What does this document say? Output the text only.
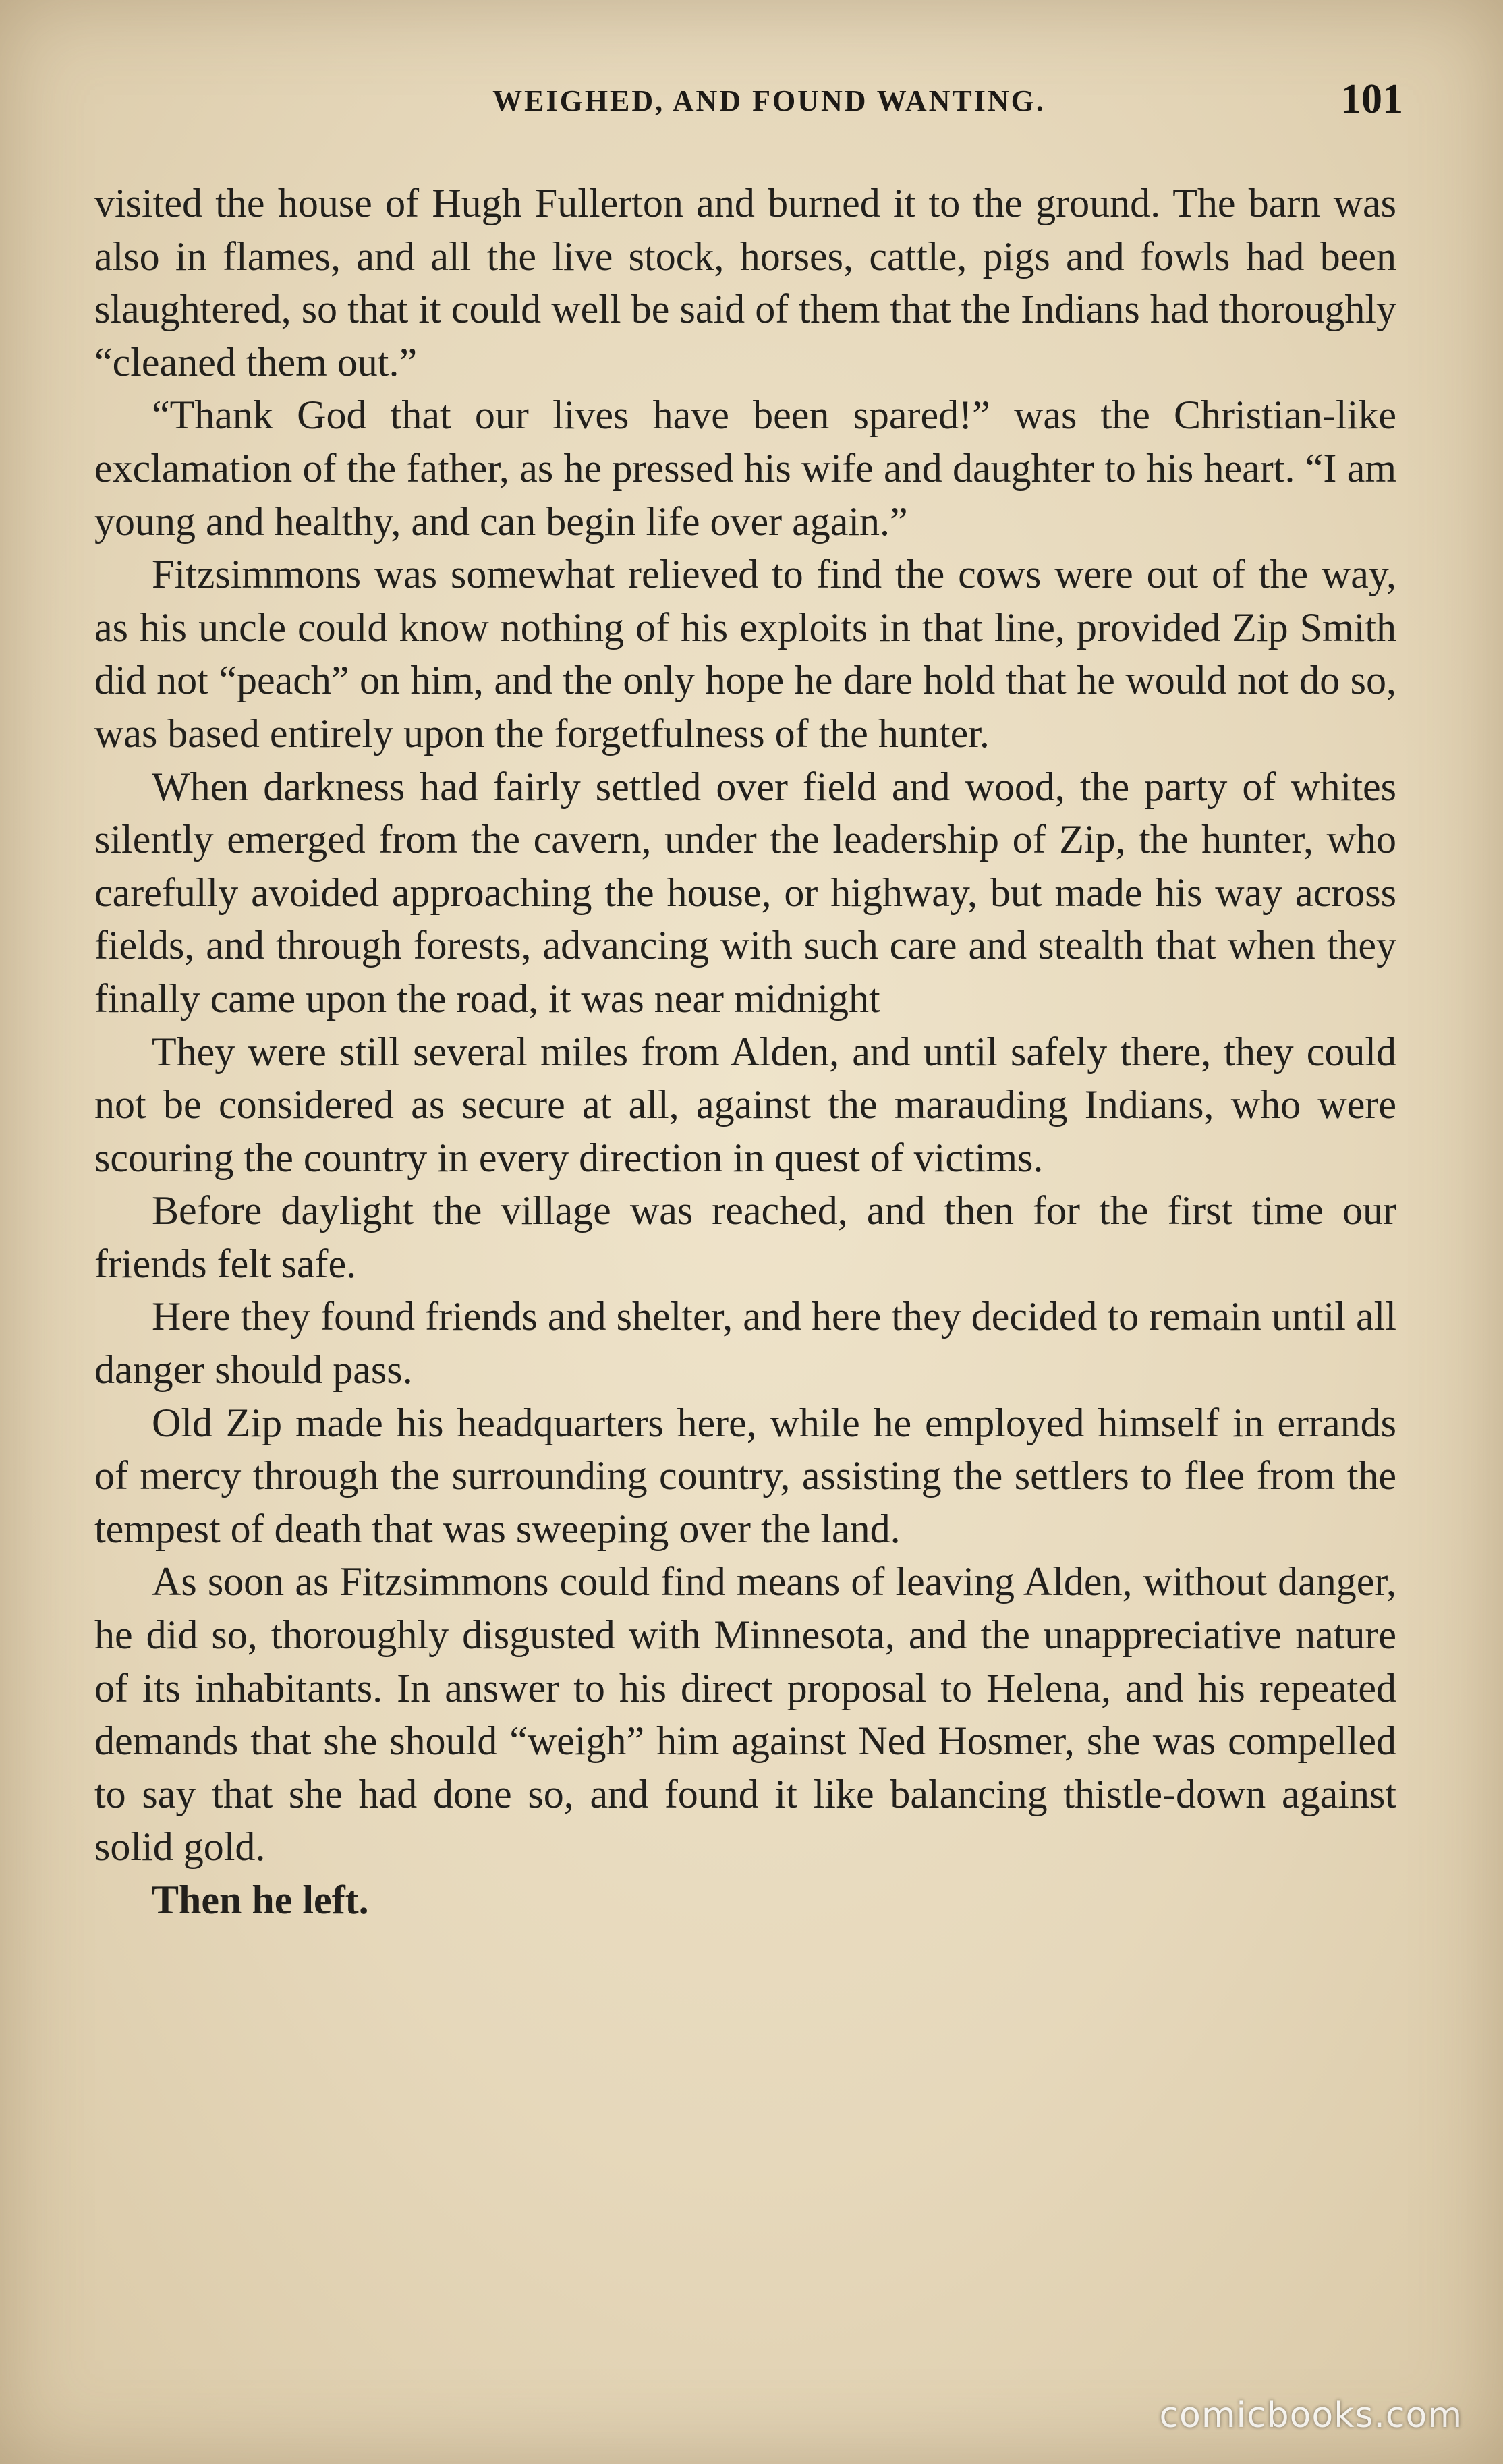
WEIGHED, AND FOUND WANTING.	101

visited the house of Hugh Fullerton and burned it to the ground. The barn was also in flames, and all the live stock, horses, cattle, pigs and fowls had been slaughtered, so that it could well be said of them that the Indians had thoroughly “cleaned them out.”

“Thank God that our lives have been spared!” was the Christian-like exclamation of the father, as he pressed his wife and daughter to his heart. “I am young and healthy, and can begin life over again.”

Fitzsimmons was somewhat relieved to find the cows were out of the way, as his uncle could know nothing of his exploits in that line, provided Zip Smith did not “peach” on him, and the only hope he dare hold that he would not do so, was based entirely upon the forgetfulness of the hunter.

When darkness had fairly settled over field and wood, the party of whites silently emerged from the cavern, under the leadership of Zip, the hunter, who carefully avoided approaching the house, or highway, but made his way across fields, and through forests, advancing with such care and stealth that when they finally came upon the road, it was near midnight

They were still several miles from Alden, and until safely there, they could not be considered as secure at all, against the marauding Indians, who were scouring the country in every direction in quest of victims.

Before daylight the village was reached, and then for the first time our friends felt safe.

Here they found friends and shelter, and here they decided to remain until all danger should pass.

Old Zip made his headquarters here, while he employed himself in errands of mercy through the surrounding country, assisting the settlers to flee from the tempest of death that was sweeping over the land.

As soon as Fitzsimmons could find means of leaving Alden, without danger, he did so, thoroughly disgusted with Minnesota, and the unappreciative nature of its inhabitants. In answer to his direct proposal to Helena, and his repeated demands that she should “weigh” him against Ned Hosmer, she was compelled to say that she had done so, and found it like balancing thistle-down against solid gold.

Then he left.

comicbooks.com
